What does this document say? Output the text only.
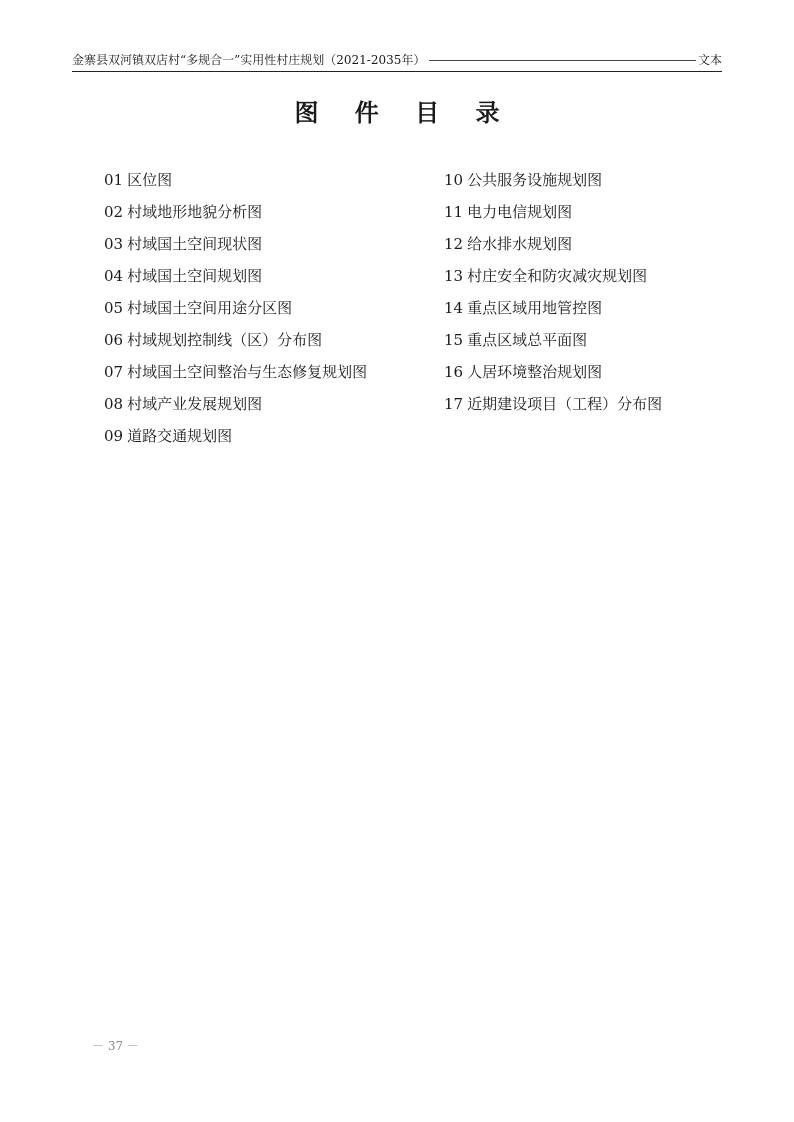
金寨县双河镇双店村“多规合一”实用性村庄规划（2021-2035年）	文本
图 件 目 录
01 区位图
02 村域地形地貌分析图
03 村域国土空间现状图
04 村域国土空间规划图
05 村域国土空间用途分区图
06 村域规划控制线（区）分布图
07 村域国土空间整治与生态修复规划图
08 村域产业发展规划图
09 道路交通规划图
10 公共服务设施规划图
11 电力电信规划图
12 给水排水规划图
13 村庄安全和防灾减灾规划图
14 重点区域用地管控图
15 重点区域总平面图
16 人居环境整治规划图
17 近期建设项目（工程）分布图
－ 37 －
